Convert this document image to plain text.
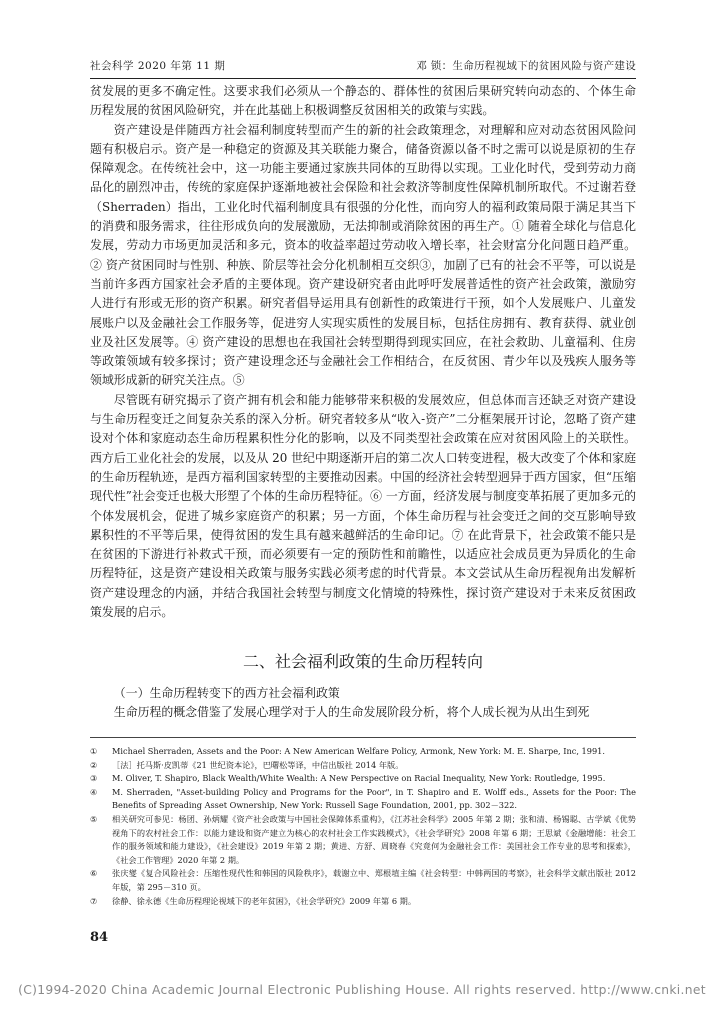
社会科学 2020 年第 11 期	邓 锁：生命历程视域下的贫困风险与资产建设

贫发展的更多不确定性。这要求我们必须从一个静态的、群体性的贫困后果研究转向动态的、个体生命历程发展的贫困风险研究，并在此基础上积极调整反贫困相关的政策与实践。

资产建设是伴随西方社会福利制度转型而产生的新的社会政策理念，对理解和应对动态贫困风险问题有积极启示。资产是一种稳定的资源及其关联能力聚合，储备资源以备不时之需可以说是原初的生存保障观念。在传统社会中，这一功能主要通过家族共同体的互助得以实现。工业化时代，受到劳动力商品化的剧烈冲击，传统的家庭保护逐渐地被社会保险和社会救济等制度性保障机制所取代。不过谢若登（Sherraden）指出，工业化时代福利制度具有很强的分化性，而向穷人的福利政策局限于满足其当下的消费和服务需求，往往形成负向的发展激励，无法抑制或消除贫困的再生产。① 随着全球化与信息化发展，劳动力市场更加灵活和多元，资本的收益率超过劳动收入增长率，社会财富分化问题日趋严重。② 资产贫困同时与性别、种族、阶层等社会分化机制相互交织③，加剧了已有的社会不平等，可以说是当前许多西方国家社会矛盾的主要体现。资产建设研究者由此呼吁发展普适性的资产社会政策，激励穷人进行有形或无形的资产积累。研究者倡导运用具有创新性的政策进行干预，如个人发展账户、儿童发展账户以及金融社会工作服务等，促进穷人实现实质性的发展目标，包括住房拥有、教育获得、就业创业及社区发展等。④ 资产建设的思想也在我国社会转型期得到现实回应，在社会救助、儿童福利、住房等政策领域有较多探讨；资产建设理念还与金融社会工作相结合，在反贫困、青少年以及残疾人服务等领域形成新的研究关注点。⑤

尽管既有研究揭示了资产拥有机会和能力能够带来积极的发展效应，但总体而言还缺乏对资产建设与生命历程变迁之间复杂关系的深入分析。研究者较多从“收入-资产”二分框架展开讨论，忽略了资产建设对个体和家庭动态生命历程累积性分化的影响，以及不同类型社会政策在应对贫困风险上的关联性。西方后工业化社会的发展，以及从 20 世纪中期逐渐开启的第二次人口转变进程，极大改变了个体和家庭的生命历程轨迹，是西方福利国家转型的主要推动因素。中国的经济社会转型迥异于西方国家，但“压缩现代性”社会变迁也极大形塑了个体的生命历程特征。⑥ 一方面，经济发展与制度变革拓展了更加多元的个体发展机会，促进了城乡家庭资产的积累；另一方面，个体生命历程与社会变迁之间的交互影响导致累积性的不平等后果，使得贫困的发生具有越来越鲜活的生命印记。⑦ 在此背景下，社会政策不能只是在贫困的下游进行补救式干预，而必须要有一定的预防性和前瞻性，以适应社会成员更为异质化的生命历程特征，这是资产建设相关政策与服务实践必须考虑的时代背景。本文尝试从生命历程视角出发解析资产建设理念的内涵，并结合我国社会转型与制度文化情境的特殊性，探讨资产建设对于未来反贫困政策发展的启示。

二、社会福利政策的生命历程转向

（一）生命历程转变下的西方社会福利政策

生命历程的概念借鉴了发展心理学对于人的生命发展阶段分析，将个人成长视为从出生到死

①	Michael Sherraden, Assets and the Poor: A New American Welfare Policy, Armonk, New York: M. E. Sharpe, Inc, 1991.
②	［法］托马斯·皮凯蒂《21 世纪资本论》，巴曙松等译，中信出版社 2014 年版。
③	M. Oliver, T. Shapiro, Black Wealth/White Wealth: A New Perspective on Racial Inequality, New York: Routledge, 1995.
④	M. Sherraden, "Asset-building Policy and Programs for the Poor", in T. Shapiro and E. Wolff eds., Assets for the Poor: The Benefits of Spreading Asset Ownership, New York: Russell Sage Foundation, 2001, pp. 302－322.
⑤	相关研究可参见：杨团、孙炳耀《资产社会政策与中国社会保障体系重构》，《江苏社会科学》2005 年第 2 期；张和清、杨锡聪、古学斌《优势视角下的农村社会工作：以能力建设和资产建立为核心的农村社会工作实践模式》，《社会学研究》2008 年第 6 期；王思斌《金融增能：社会工作的服务领域和能力建设》，《社会建设》2019 年第 2 期；黄进、方舒、周晓春《究竟何为金融社会工作：美国社会工作专业的思考和探索》，《社会工作管理》2020 年第 2 期。
⑥	张庆燮《复合风险社会：压缩性现代性和韩国的风险秩序》，载谢立中、郑根埴主编《社会转型：中韩两国的考察》，社会科学文献出版社 2012 年版，第 295－310 页。
⑦	徐静、徐永德《生命历程理论视域下的老年贫困》，《社会学研究》2009 年第 6 期。
84
(C)1994-2020 China Academic Journal Electronic Publishing House. All rights reserved. http://www.cnki.net
